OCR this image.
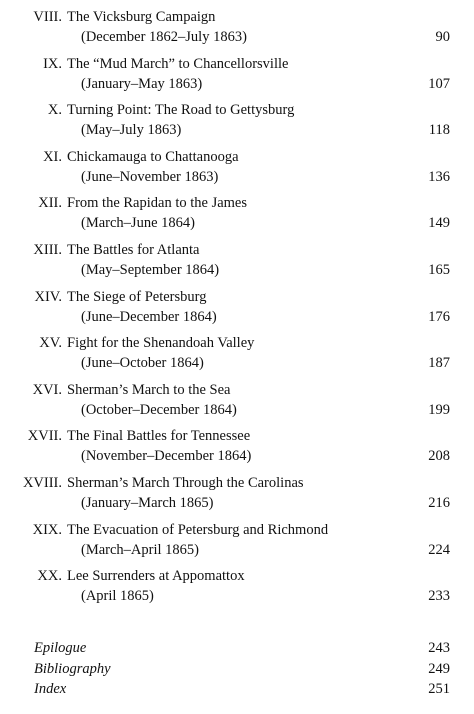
VIII. The Vicksburg Campaign
(December 1862–July 1863)	90
IX. The “Mud March” to Chancellorsville
(January–May 1863)	107
X. Turning Point: The Road to Gettysburg
(May–July 1863)	118
XI. Chickamauga to Chattanooga
(June–November 1863)	136
XII. From the Rapidan to the James
(March–June 1864)	149
XIII. The Battles for Atlanta
(May–September 1864)	165
XIV. The Siege of Petersburg
(June–December 1864)	176
XV. Fight for the Shenandoah Valley
(June–October 1864)	187
XVI. Sherman’s March to the Sea
(October–December 1864)	199
XVII. The Final Battles for Tennessee
(November–December 1864)	208
XVIII. Sherman’s March Through the Carolinas
(January–March 1865)	216
XIX. The Evacuation of Petersburg and Richmond
(March–April 1865)	224
XX. Lee Surrenders at Appomattox
(April 1865)	233
Epilogue	243
Bibliography	249
Index	251
